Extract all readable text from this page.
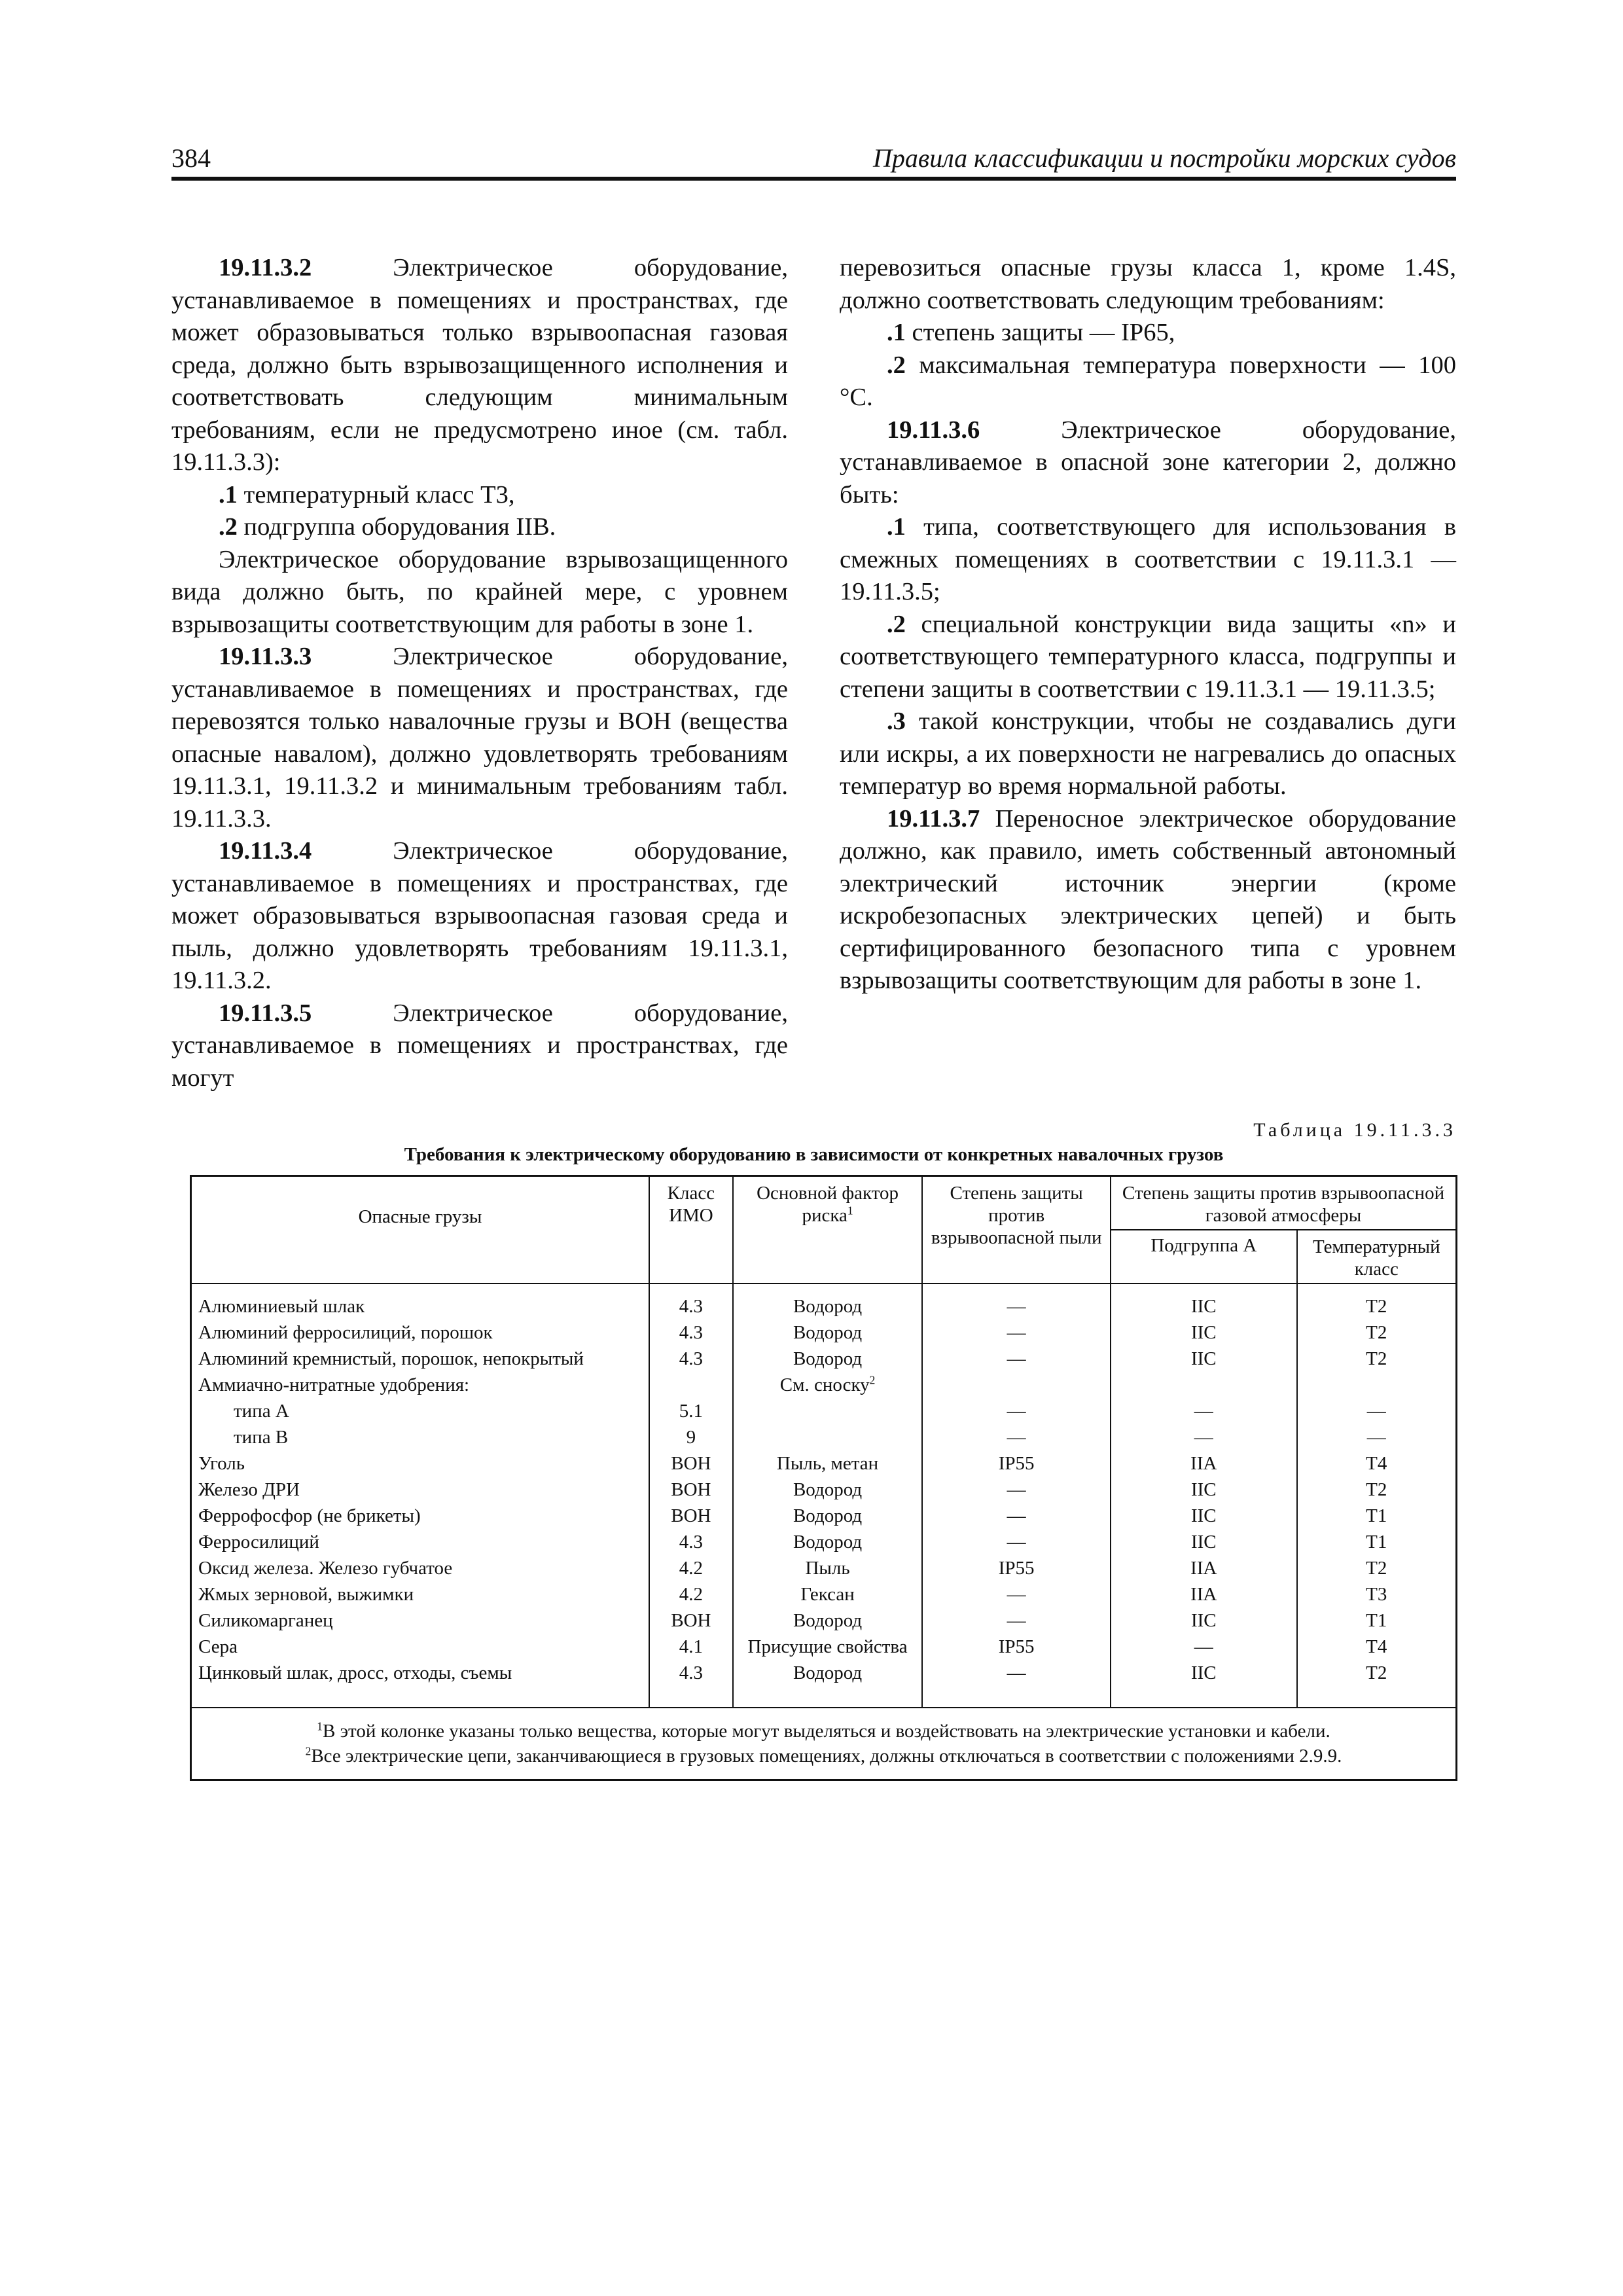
384	Правила классификации и постройки морских судов

19.11.3.2 Электрическое оборудование, устанавливаемое в помещениях и пространствах, где может образовываться только взрывоопасная газовая среда, должно быть взрывозащищенного исполнения и соответствовать следующим минимальным требованиям, если не предусмотрено иное (см. табл. 19.11.3.3):

.1 температурный класс Т3,

.2 подгруппа оборудования IIВ.

Электрическое оборудование взрывозащищенного вида должно быть, по крайней мере, с уровнем взрывозащиты соответствующим для работы в зоне 1.

19.11.3.3 Электрическое оборудование, устанавливаемое в помещениях и пространствах, где перевозятся только навалочные грузы и ВОН (вещества опасные навалом), должно удовлетворять требованиям 19.11.3.1, 19.11.3.2 и минимальным требованиям табл. 19.11.3.3.

19.11.3.4 Электрическое оборудование, устанавливаемое в помещениях и пространствах, где может образовываться взрывоопасная газовая среда и пыль, должно удовлетворять требованиям 19.11.3.1, 19.11.3.2.

19.11.3.5 Электрическое оборудование, устанавливаемое в помещениях и пространствах, где могут

перевозиться опасные грузы класса 1, кроме 1.4S, должно соответствовать следующим требованиям:

.1 степень защиты — IP65,

.2 максимальная температура поверхности — 100 °С.

19.11.3.6 Электрическое оборудование, устанавливаемое в опасной зоне категории 2, должно быть:

.1 типа, соответствующего для использования в смежных помещениях в соответствии с 19.11.3.1 — 19.11.3.5;

.2 специальной конструкции вида защиты «n» и соответствующего температурного класса, подгруппы и степени защиты в соответствии с 19.11.3.1 — 19.11.3.5;

.3 такой конструкции, чтобы не создавались дуги или искры, а их поверхности не нагревались до опасных температур во время нормальной работы.

19.11.3.7 Переносное электрическое оборудование должно, как правило, иметь собственный автономный электрический источник энергии (кроме искробезопасных электрических цепей) и быть сертифицированного безопасного типа с уровнем взрывозащиты соответствующим для работы в зоне 1.

Таблица 19.11.3.3
Требования к электрическому оборудованию в зависимости от конкретных навалочных грузов
Опасные грузы	Класс ИМО	Основной фактор риска$^1$	Степень защиты против взрывоопасной пыли	Степень защиты против взрывоопасной газовой атмосферы	
				Подгруппа А	Температурный класс
Алюминиевый шлак	4.3	Водород	—	IIC	T2
Алюминий ферросилиций, порошок	4.3	Водород	—	IIC	T2
Алюминий кремнистый, порошок, непокрытый	4.3	Водород	—	IIC	T2
Аммиачно-нитратные удобрения:		См. сноску$^2$			
типа А	5.1		—	—	—
типа В	9		—	—	—
Уголь	ВОН	Пыль, метан	IP55	IIA	T4
Железо ДРИ	ВОН	Водород	—	IIC	T2
Феррофосфор (не брикеты)	ВОН	Водород	—	IIC	T1
Ферросилиций	4.3	Водород	—	IIC	T1
Оксид железа. Железо губчатое	4.2	Пыль	IP55	IIA	T2
Жмых зерновой, выжимки	4.2	Гексан	—	IIA	T3
Силикомарганец	ВОН	Водород	—	IIC	T1
Сера	4.1	Присущие свойства	IP55	—	T4
Цинковый шлак, дросс, отходы, съемы	4.3	Водород	—	IIC	T2

$^1$В этой колонке указаны только вещества, которые могут выделяться и воздействовать на электрические установки и кабели.
$^2$Все электрические цепи, заканчивающиеся в грузовых помещениях, должны отключаться в соответствии с положениями 2.9.9.					
